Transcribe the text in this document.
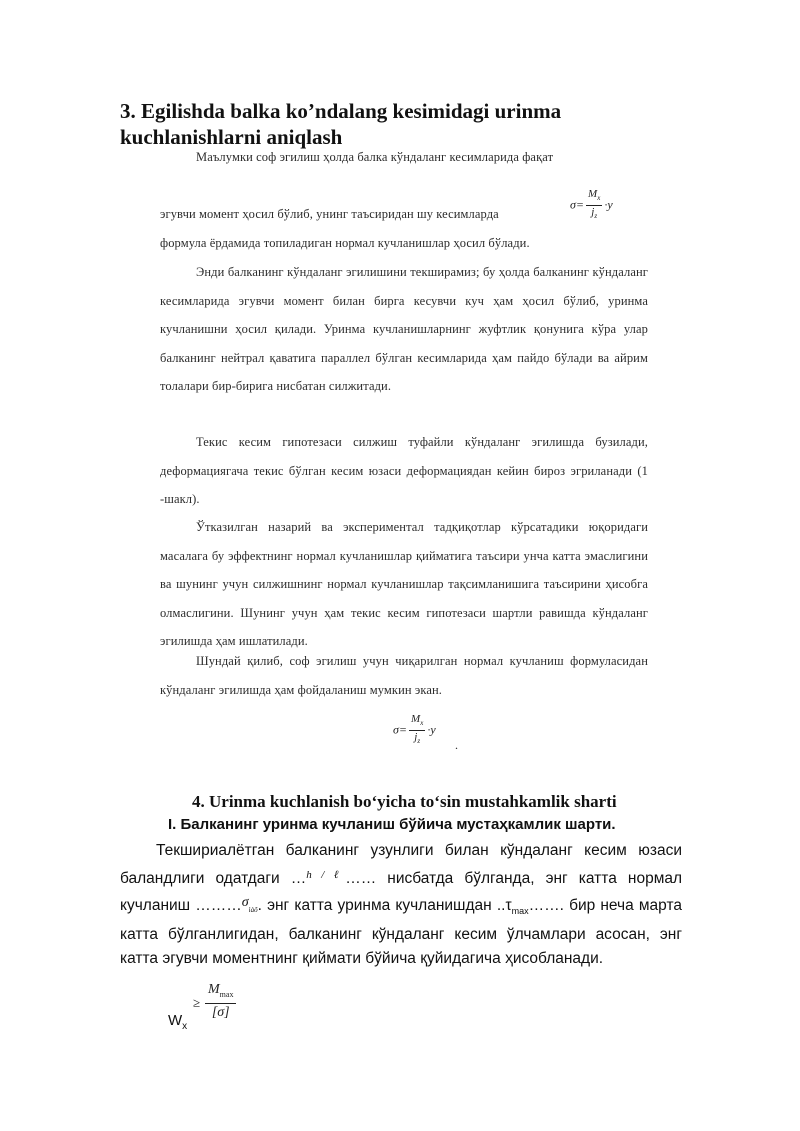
3. Egilishda balka ko’ndalang kesimidagi urinma kuchlanishlarni aniqlash

Маълумки соф эгилиш ҳолда балка кўндаланг кесимларида фақат

$\sigma= \frac{M_x}{j_z} \cdot y$
эгувчи момент ҳосил бўлиб, унинг таъсиридан шу кесимларда
формула ёрдамида топиладиган нормал кучланишлар ҳосил бўлади.

Энди балканинг кўндаланг эгилишини текширамиз; бу ҳолда балканинг кўндаланг кесимларида эгувчи момент билан бирга кесувчи куч ҳам ҳосил бўлиб, уринма кучланишни ҳосил қилади. Уринма кучланишларнинг жуфтлик қонунига кўра улар балканинг нейтрал қаватига параллел бўлган кесимларида ҳам пайдо бўлади ва айрим толалари бир-бирига нисбатан силжитади.

Текис кесим гипотезаси силжиш туфайли кўндаланг эгилишда бузилади, деформациягача текис бўлган кесим юзаси деформациядан кейин бироз эгриланади (1 -шакл).

Ўтказилган назарий ва экспериментал тадқиқотлар кўрсатадики юқоридаги масалага бу эффектнинг нормал кучланишлар қийматига таъсири унча катта эмаслигини ва шунинг учун силжишнинг нормал кучланишлар тақсимланишига таъсирини ҳисобга олмаслигини. Шунинг учун ҳам текис кесим гипотезаси шартли равишда кўндаланг эгилишда ҳам ишлатилади.

Шундай қилиб, соф эгилиш учун чиқарилган нормал кучланиш формуласидан кўндаланг эгилишда ҳам фойдаланиш мумкин экан.

$\sigma= \frac{M_x}{j_z} \cdot y$
.
4. Urinma kuchlanish bo‘yicha to‘sin mustahkamlik sharti
I. Балканинг уринма кучланиш бўйича мустаҳкамлик шарти.
Текшириалётган балканинг узунлиги билан кўндаланг кесим юзаси баландлиги одатдаги …$^{h / \ell}$…… нисбатда бўлганда, энг катта нормал кучланиш $\dots\dots\dots\sigma_{ìàõ}$. энг катта уринма кучланишдан $..\tau_{max}\dots\dots$. бир неча марта катта бўлганлигидан, балканинг кўндаланг кесим ўлчамлари асосан, энг катта эгувчи моментнинг қиймати бўйича қуйидагича ҳисобланади.
≥
$M_{max}$
[σ]
$W_x$
